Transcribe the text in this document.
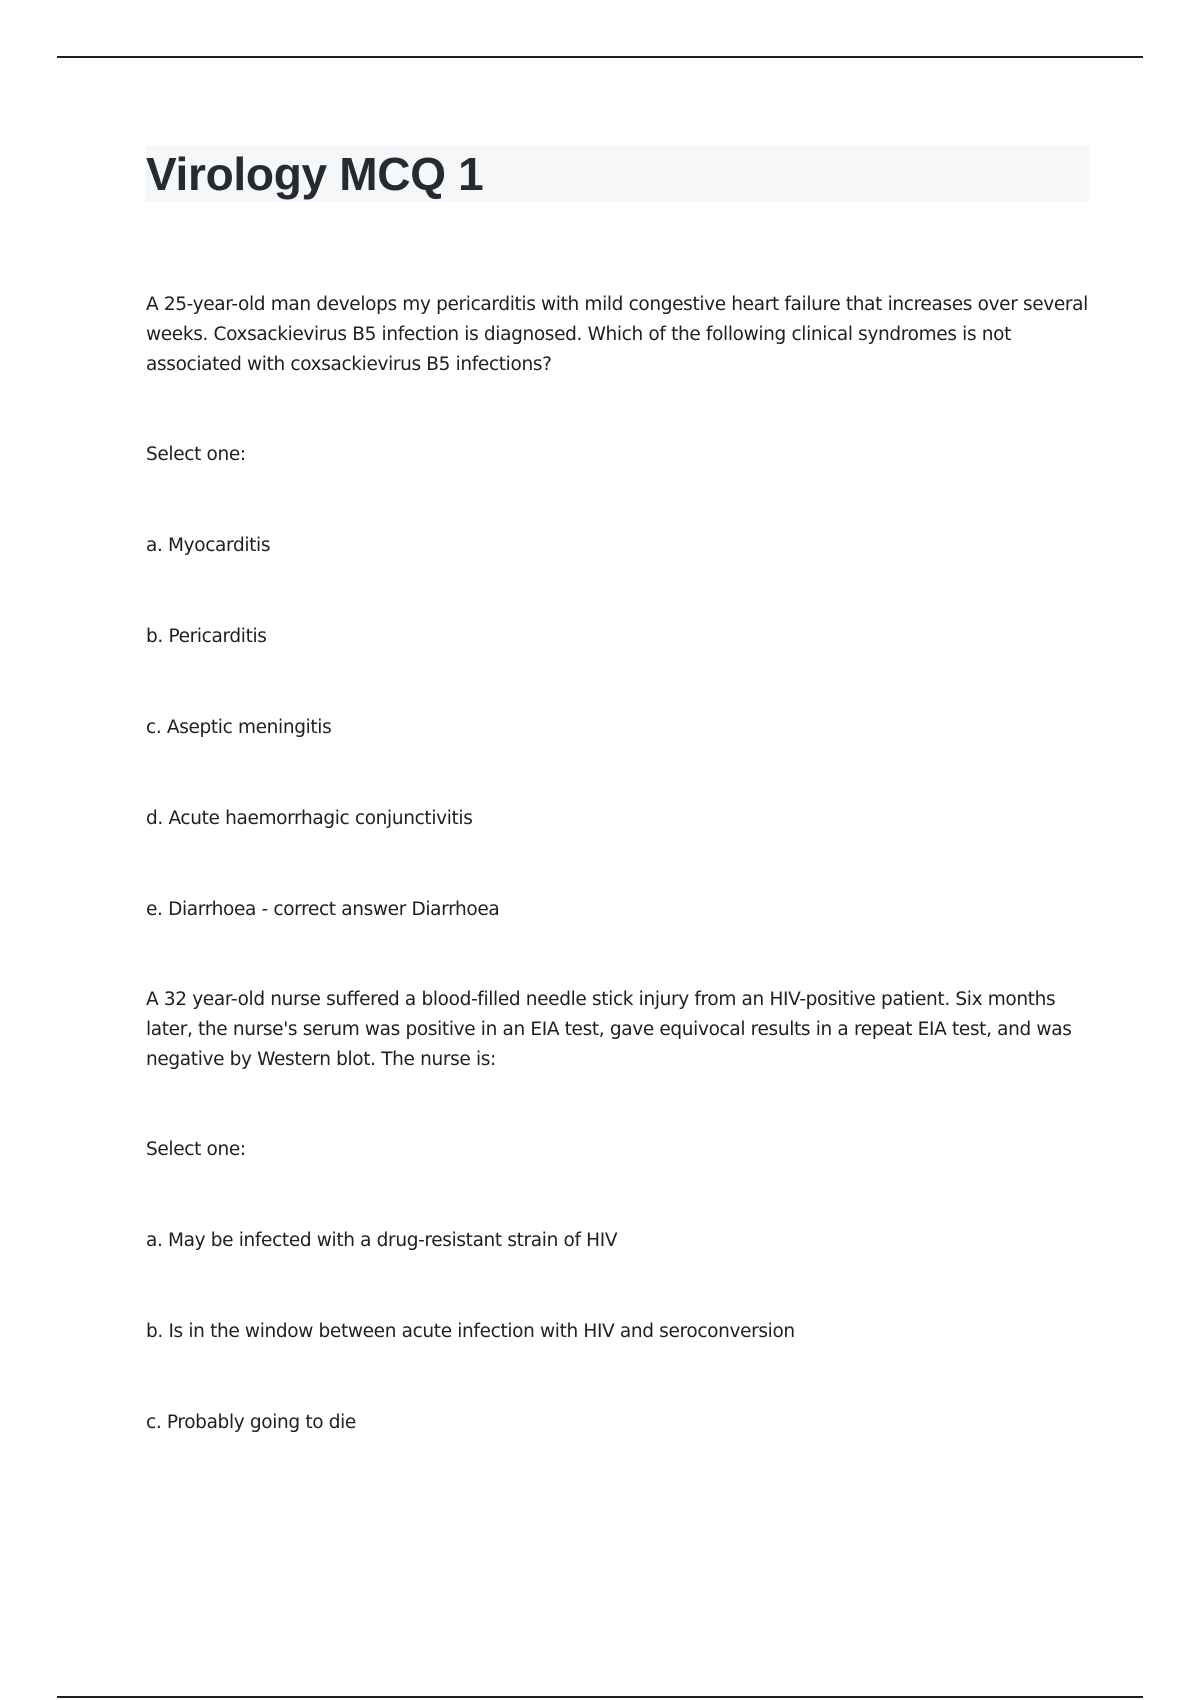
Virology MCQ 1

A 25-year-old man develops my pericarditis with mild congestive heart failure that increases over several weeks. Coxsackievirus B5 infection is diagnosed. Which of the following clinical syndromes is not associated with coxsackievirus B5 infections?

Select one:

a. Myocarditis

b. Pericarditis

c. Aseptic meningitis

d. Acute haemorrhagic conjunctivitis

e. Diarrhoea - correct answer Diarrhoea

A 32 year-old nurse suffered a blood-filled needle stick injury from an HIV-positive patient. Six months later, the nurse's serum was positive in an EIA test, gave equivocal results in a repeat EIA test, and was negative by Western blot. The nurse is:

Select one:

a. May be infected with a drug-resistant strain of HIV

b. Is in the window between acute infection with HIV and seroconversion

c. Probably going to die
